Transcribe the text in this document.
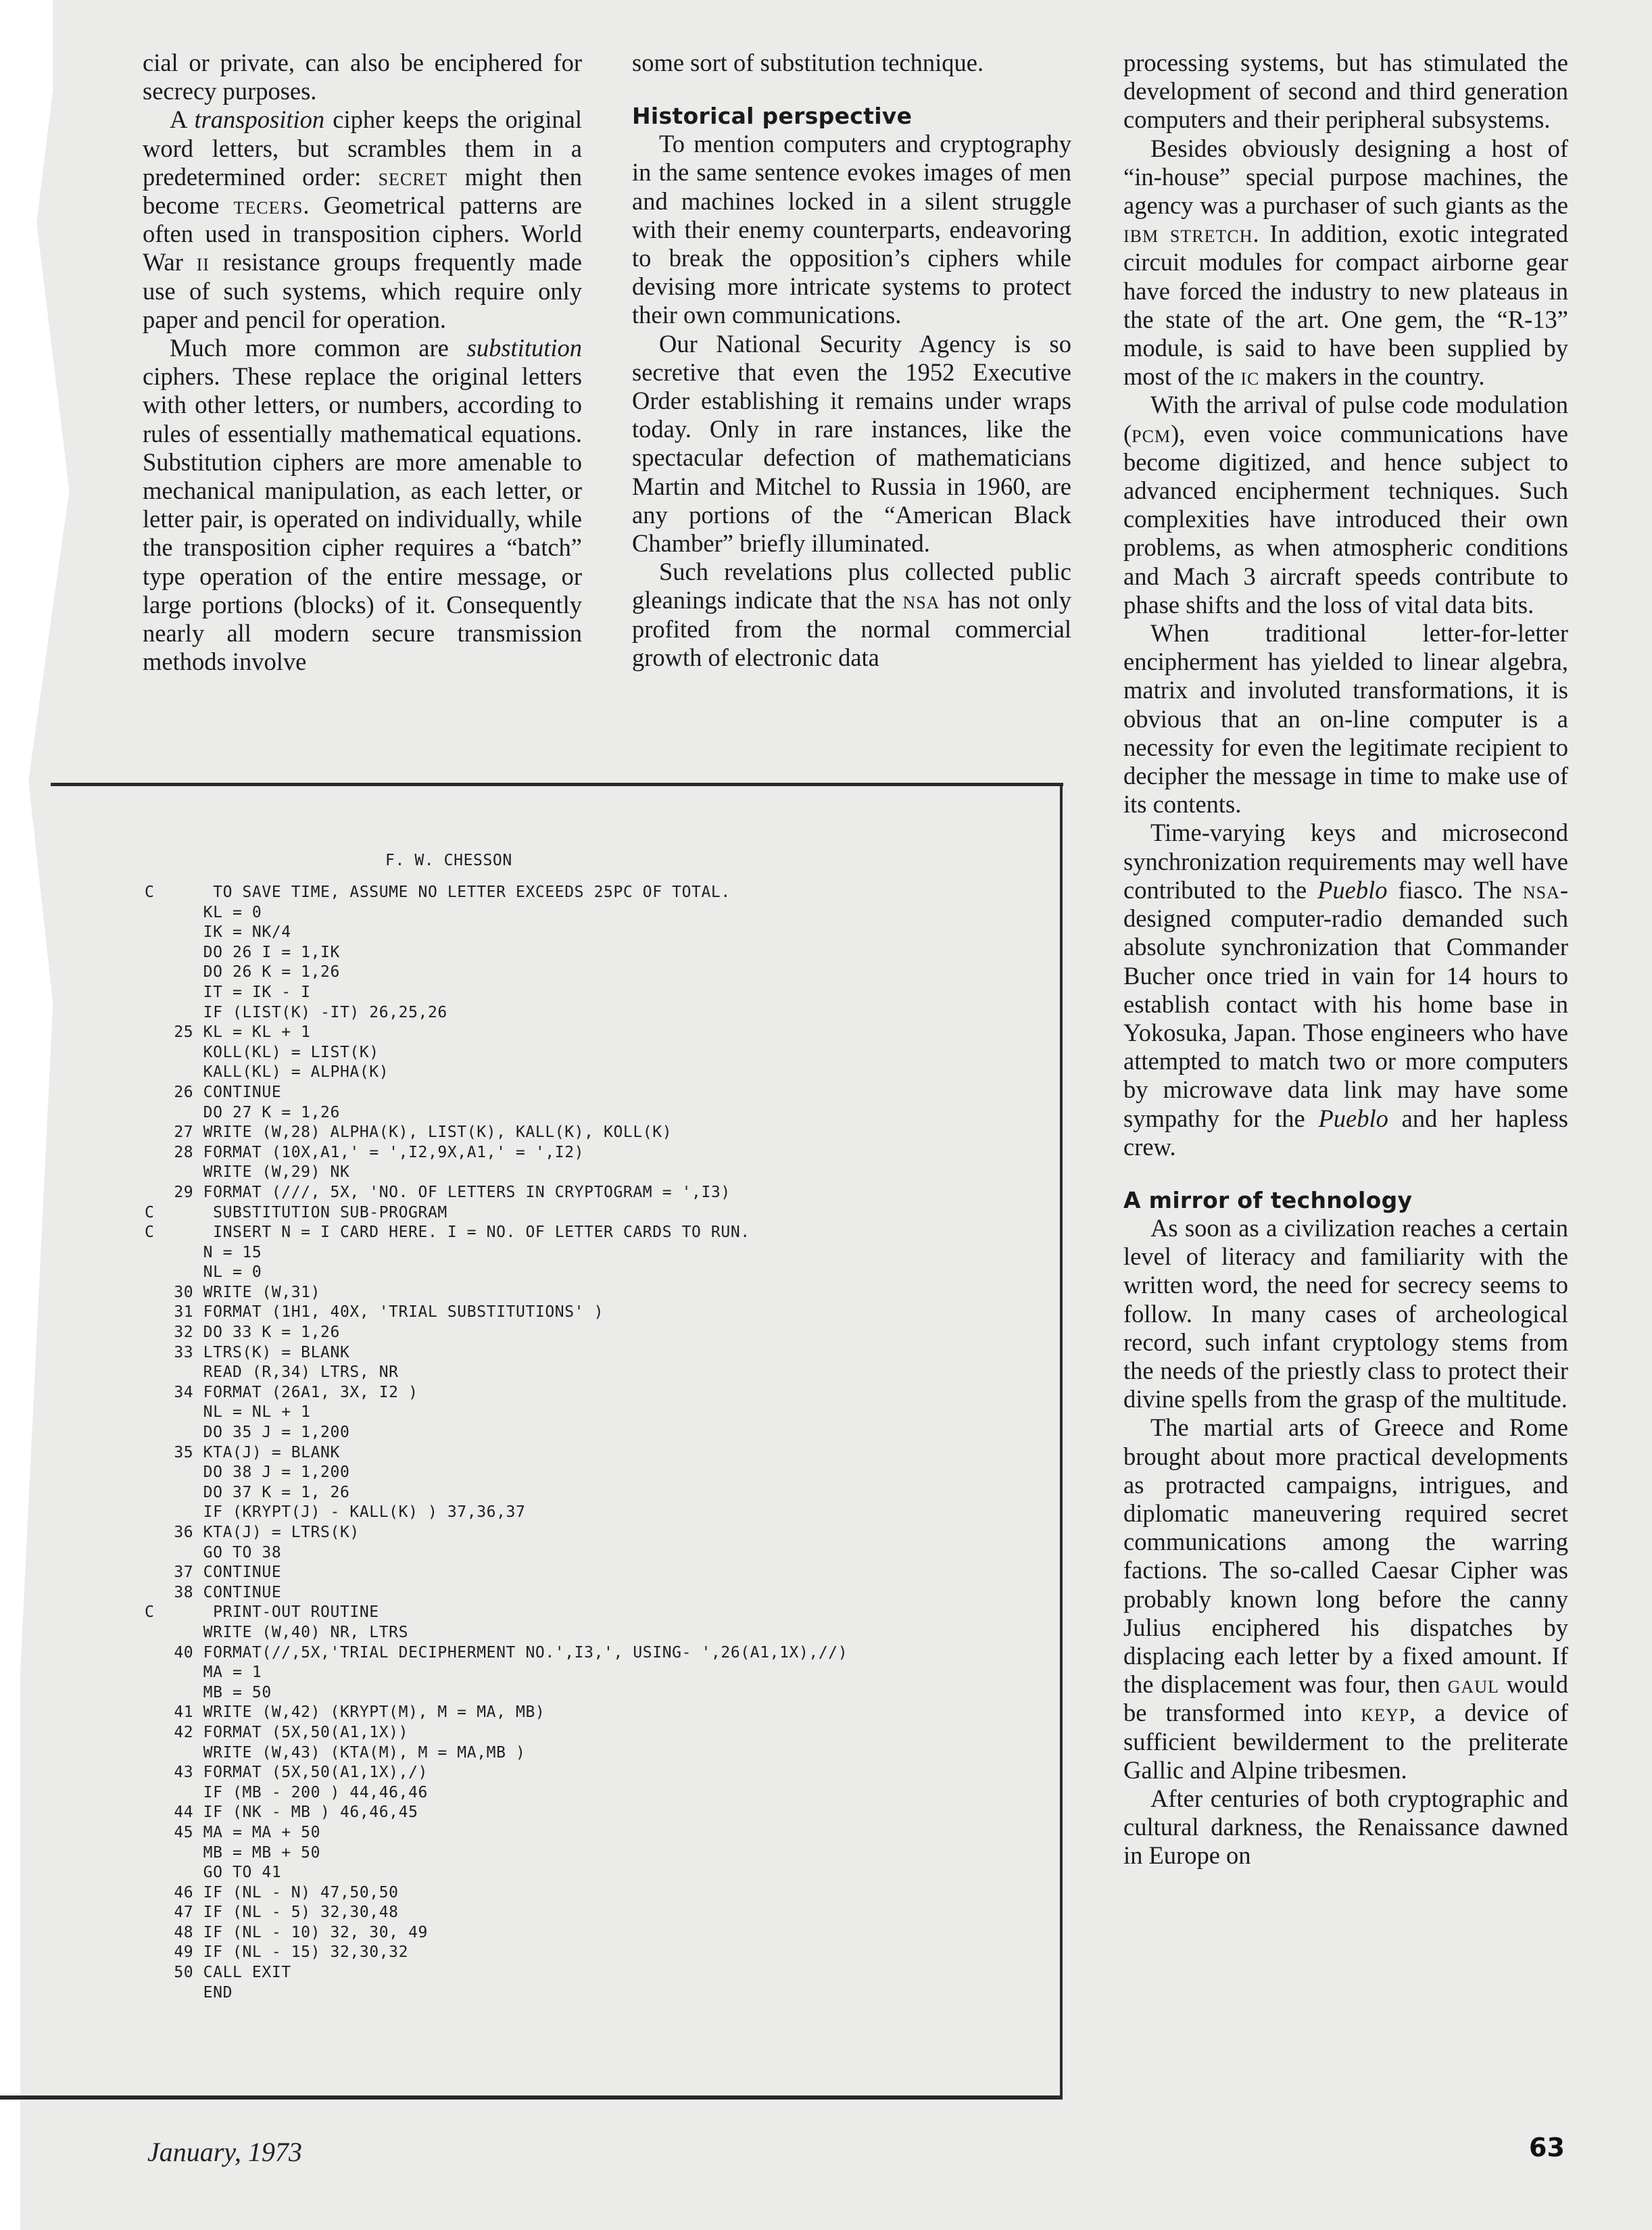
cial or private, can also be enciphered for secrecy purposes.

A transposition cipher keeps the original word letters, but scrambles them in a predetermined order: secret might then become tecers. Geometrical patterns are often used in transposition ciphers. World War ii resistance groups frequently made use of such systems, which require only paper and pencil for operation.

Much more common are substitution ciphers. These replace the original letters with other letters, or numbers, according to rules of essentially mathematical equations. Substitution ciphers are more amenable to mechanical manipulation, as each letter, or letter pair, is operated on individually, while the transposition cipher requires a “batch” type operation of the entire message, or large portions (blocks) of it. Consequently nearly all modern secure transmission methods involve

some sort of substitution technique.

Historical perspective

To mention computers and cryptography in the same sentence evokes images of men and machines locked in a silent struggle with their enemy counterparts, endeavoring to break the opposition’s ciphers while devising more intricate systems to protect their own communications.

Our National Security Agency is so secretive that even the 1952 Executive Order establishing it remains under wraps today. Only in rare instances, like the spectacular defection of mathematicians Martin and Mitchel to Russia in 1960, are any portions of the “American Black Chamber” briefly illuminated.

Such revelations plus collected public gleanings indicate that the nsa has not only profited from the normal commercial growth of electronic data

processing systems, but has stimulated the development of second and third generation computers and their peripheral subsystems.

Besides obviously designing a host of “in-house” special purpose machines, the agency was a purchaser of such giants as the ibm stretch. In addition, exotic integrated circuit modules for compact airborne gear have forced the industry to new plateaus in the state of the art. One gem, the “R-13” module, is said to have been supplied by most of the ic makers in the country.

With the arrival of pulse code modulation (pcm), even voice communications have become digitized, and hence subject to advanced encipherment techniques. Such complexities have introduced their own problems, as when atmospheric conditions and Mach 3 aircraft speeds contribute to phase shifts and the loss of vital data bits.

When traditional letter-for-letter encipherment has yielded to linear algebra, matrix and involuted transformations, it is obvious that an on-line computer is a necessity for even the legitimate recipient to decipher the message in time to make use of its contents.

Time-varying keys and microsecond synchronization requirements may well have contributed to the Pueblo fiasco. The nsa-designed computer-radio demanded such absolute synchronization that Commander Bucher once tried in vain for 14 hours to establish contact with his home base in Yokosuka, Japan. Those engineers who have attempted to match two or more computers by microwave data link may have some sympathy for the Pueblo and her hapless crew.

A mirror of technology

As soon as a civilization reaches a certain level of literacy and familiarity with the written word, the need for secrecy seems to follow. In many cases of archeological record, such infant cryptology stems from the needs of the priestly class to protect their divine spells from the grasp of the multitude.

The martial arts of Greece and Rome brought about more practical developments as protracted campaigns, intrigues, and diplomatic maneuvering required secret communications among the warring factions. The so-called Caesar Cipher was probably known long before the canny Julius enciphered his dispatches by displacing each letter by a fixed amount. If the displacement was four, then gaul would be transformed into keyp, a device of sufficient bewilderment to the preliterate Gallic and Alpine tribesmen.

After centuries of both cryptographic and cultural darkness, the Renaissance dawned in Europe on

F. W. CHESSON
C      TO SAVE TIME, ASSUME NO LETTER EXCEEDS 25PC OF TOTAL.
KL = 0
IK = NK/4
DO 26 I = 1,IK
DO 26 K = 1,26
IT = IK - I
IF (LIST(K) -IT) 26,25,26
25 KL = KL + 1
KOLL(KL) = LIST(K)
KALL(KL) = ALPHA(K)
26 CONTINUE
DO 27 K = 1,26
27 WRITE (W,28) ALPHA(K), LIST(K), KALL(K), KOLL(K)
28 FORMAT (10X,A1,' = ',I2,9X,A1,' = ',I2)
WRITE (W,29) NK
29 FORMAT (///, 5X, 'NO. OF LETTERS IN CRYPTOGRAM = ',I3)
C      SUBSTITUTION SUB-PROGRAM
C      INSERT N = I CARD HERE. I = NO. OF LETTER CARDS TO RUN.
N = 15
NL = 0
30 WRITE (W,31)
31 FORMAT (1H1, 40X, 'TRIAL SUBSTITUTIONS' )
32 DO 33 K = 1,26
33 LTRS(K) = BLANK
READ (R,34) LTRS, NR
34 FORMAT (26A1, 3X, I2 )
NL = NL + 1
DO 35 J = 1,200
35 KTA(J) = BLANK
DO 38 J = 1,200
DO 37 K = 1, 26
IF (KRYPT(J) - KALL(K) ) 37,36,37
36 KTA(J) = LTRS(K)
GO TO 38
37 CONTINUE
38 CONTINUE
C      PRINT-OUT ROUTINE
WRITE (W,40) NR, LTRS
40 FORMAT(//,5X,'TRIAL DECIPHERMENT NO.',I3,', USING- ',26(A1,1X),//)
MA = 1
MB = 50
41 WRITE (W,42) (KRYPT(M), M = MA, MB)
42 FORMAT (5X,50(A1,1X))
WRITE (W,43) (KTA(M), M = MA,MB )
43 FORMAT (5X,50(A1,1X),/)
IF (MB - 200 ) 44,46,46
44 IF (NK - MB ) 46,46,45
45 MA = MA + 50
MB = MB + 50
GO TO 41
46 IF (NL - N) 47,50,50
47 IF (NL - 5) 32,30,48
48 IF (NL - 10) 32, 30, 49
49 IF (NL - 15) 32,30,32
50 CALL EXIT
END
January, 1973	63
